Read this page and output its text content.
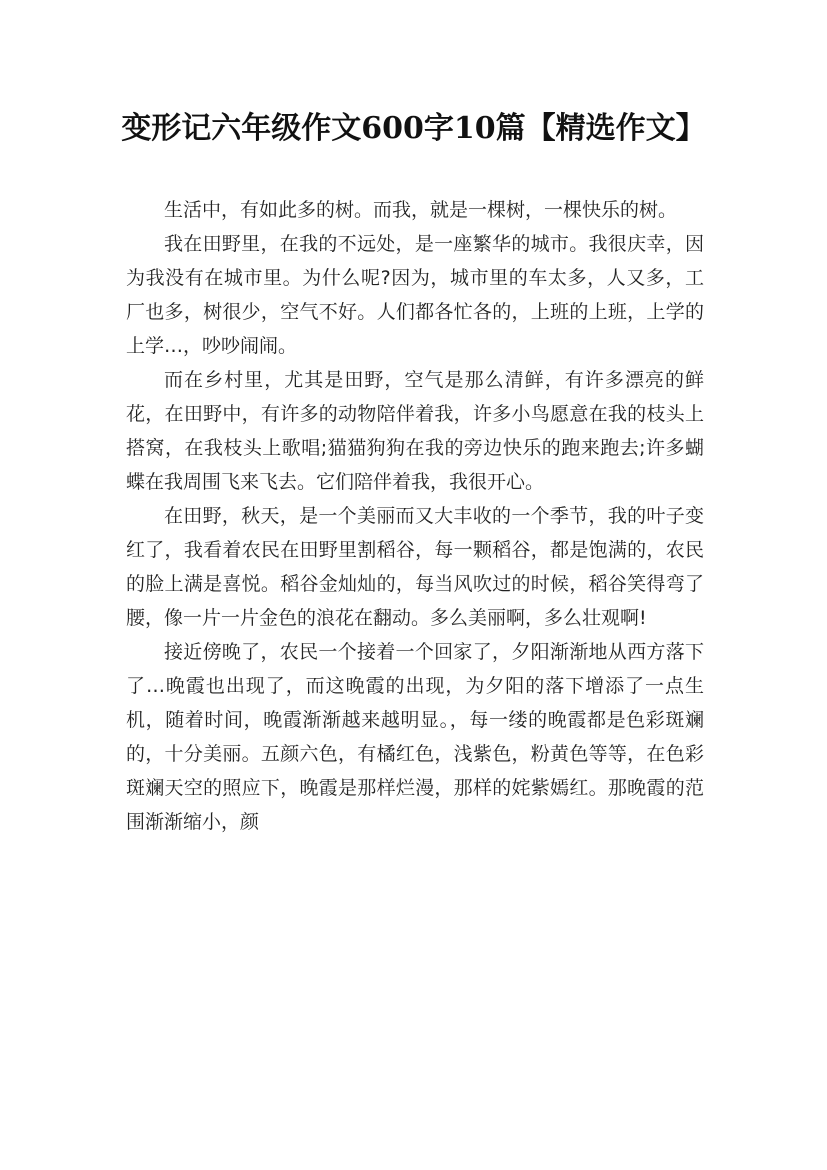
变形记六年级作文600字10篇【精选作文】

生活中，有如此多的树。而我，就是一棵树，一棵快乐的树。

我在田野里，在我的不远处，是一座繁华的城市。我很庆幸，因为我没有在城市里。为什么呢?因为，城市里的车太多，人又多，工厂也多，树很少，空气不好。人们都各忙各的，上班的上班，上学的上学…，吵吵闹闹。

而在乡村里，尤其是田野，空气是那么清鲜，有许多漂亮的鲜花，在田野中，有许多的动物陪伴着我，许多小鸟愿意在我的枝头上搭窝，在我枝头上歌唱;猫猫狗狗在我的旁边快乐的跑来跑去;许多蝴蝶在我周围飞来飞去。它们陪伴着我，我很开心。

在田野，秋天，是一个美丽而又大丰收的一个季节，我的叶子变红了，我看着农民在田野里割稻谷，每一颗稻谷，都是饱满的，农民的脸上满是喜悦。稻谷金灿灿的，每当风吹过的时候，稻谷笑得弯了腰，像一片一片金色的浪花在翻动。多么美丽啊，多么壮观啊!

接近傍晚了，农民一个接着一个回家了，夕阳渐渐地从西方落下了…晚霞也出现了，而这晚霞的出现，为夕阳的落下增添了一点生机，随着时间，晚霞渐渐越来越明显。，每一缕的晚霞都是色彩斑斓的，十分美丽。五颜六色，有橘红色，浅紫色，粉黄色等等，在色彩斑斓天空的照应下，晚霞是那样烂漫，那样的姹紫嫣红。那晚霞的范围渐渐缩小，颜
